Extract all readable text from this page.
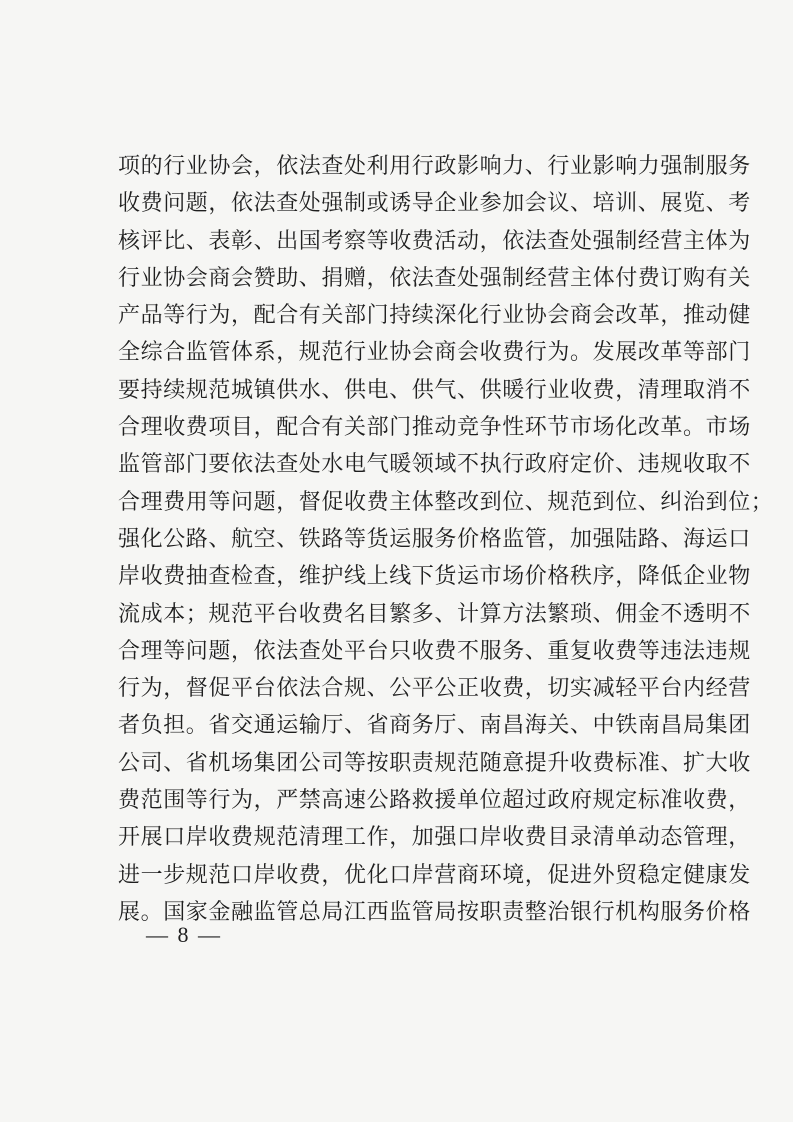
项的行业协会，依法查处利用行政影响力、行业影响力强制服务
收费问题，依法查处强制或诱导企业参加会议、培训、展览、考
核评比、表彰、出国考察等收费活动，依法查处强制经营主体为
行业协会商会赞助、捐赠，依法查处强制经营主体付费订购有关
产品等行为，配合有关部门持续深化行业协会商会改革，推动健
全综合监管体系，规范行业协会商会收费行为。发展改革等部门
要持续规范城镇供水、供电、供气、供暖行业收费，清理取消不
合理收费项目，配合有关部门推动竞争性环节市场化改革。市场
监管部门要依法查处水电气暖领域不执行政府定价、违规收取不
合理费用等问题，督促收费主体整改到位、规范到位、纠治到位；
强化公路、航空、铁路等货运服务价格监管，加强陆路、海运口
岸收费抽查检查，维护线上线下货运市场价格秩序，降低企业物
流成本；规范平台收费名目繁多、计算方法繁琐、佣金不透明不
合理等问题，依法查处平台只收费不服务、重复收费等违法违规
行为，督促平台依法合规、公平公正收费，切实减轻平台内经营
者负担。省交通运输厅、省商务厅、南昌海关、中铁南昌局集团
公司、省机场集团公司等按职责规范随意提升收费标准、扩大收
费范围等行为，严禁高速公路救援单位超过政府规定标准收费，
开展口岸收费规范清理工作，加强口岸收费目录清单动态管理，
进一步规范口岸收费，优化口岸营商环境，促进外贸稳定健康发
展。国家金融监管总局江西监管局按职责整治银行机构服务价格
— 8 —
